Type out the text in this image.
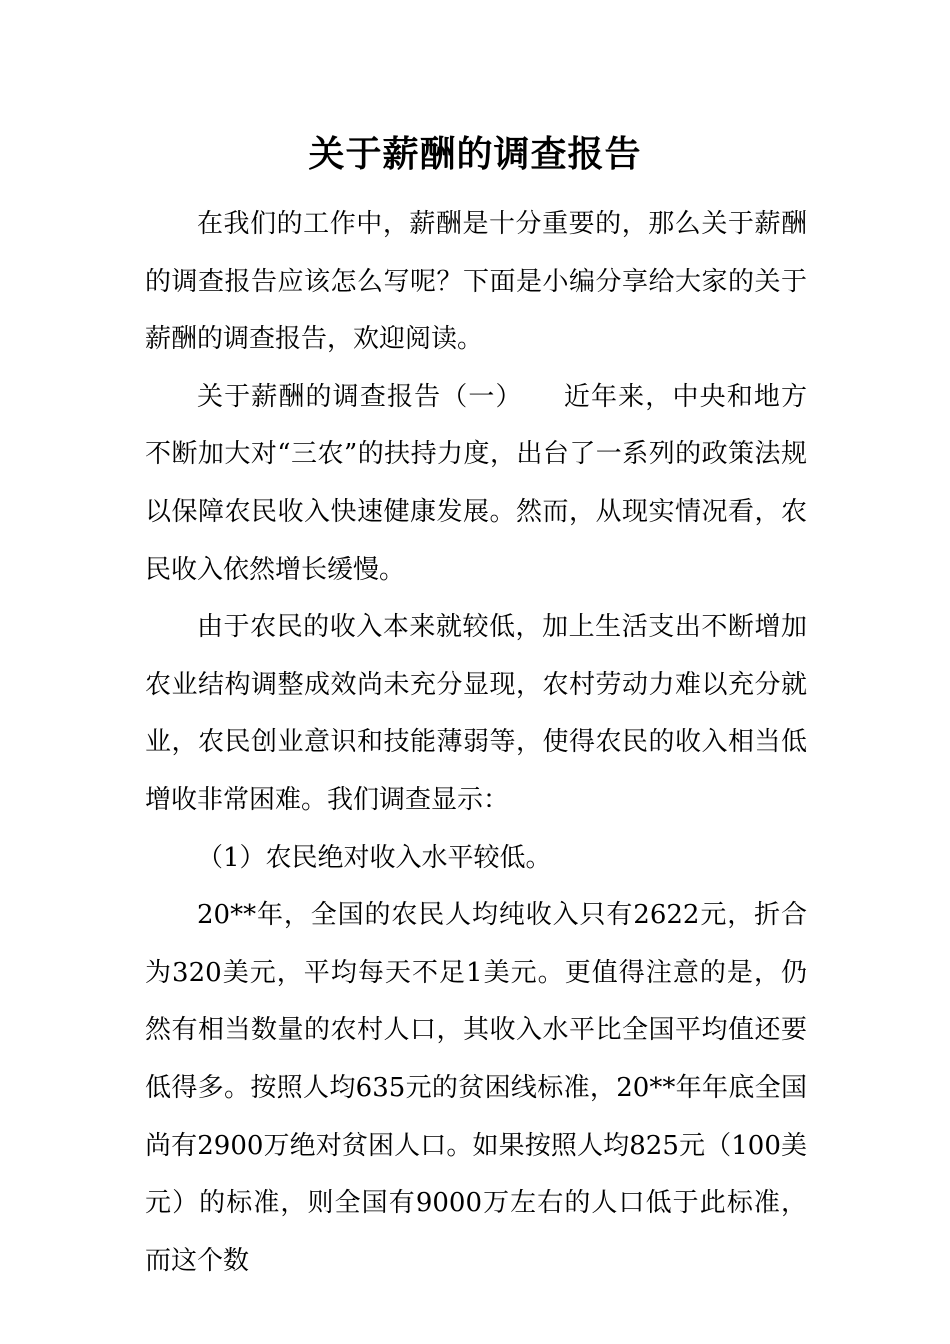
关于薪酬的调查报告

在我们的工作中，薪酬是十分重要的，那么关于薪酬的调查报告应该怎么写呢？下面是小编分享给大家的关于薪酬的调查报告，欢迎阅读。

关于薪酬的调查报告（一）　　近年来，中央和地方不断加大对“三农”的扶持力度，出台了一系列的政策法规以保障农民收入快速健康发展。然而，从现实情况看，农民收入依然增长缓慢。

由于农民的收入本来就较低，加上生活支出不断增加农业结构调整成效尚未充分显现，农村劳动力难以充分就业，农民创业意识和技能薄弱等，使得农民的收入相当低增收非常困难。我们调查显示：

（1）农民绝对收入水平较低。

20**年，全国的农民人均纯收入只有2622元，折合为320美元，平均每天不足1美元。更值得注意的是，仍然有相当数量的农村人口，其收入水平比全国平均值还要低得多。按照人均635元的贫困线标准，20**年年底全国尚有2900万绝对贫困人口。如果按照人均825元（100美元）的标准，则全国有9000万左右的人口低于此标准，而这个数
